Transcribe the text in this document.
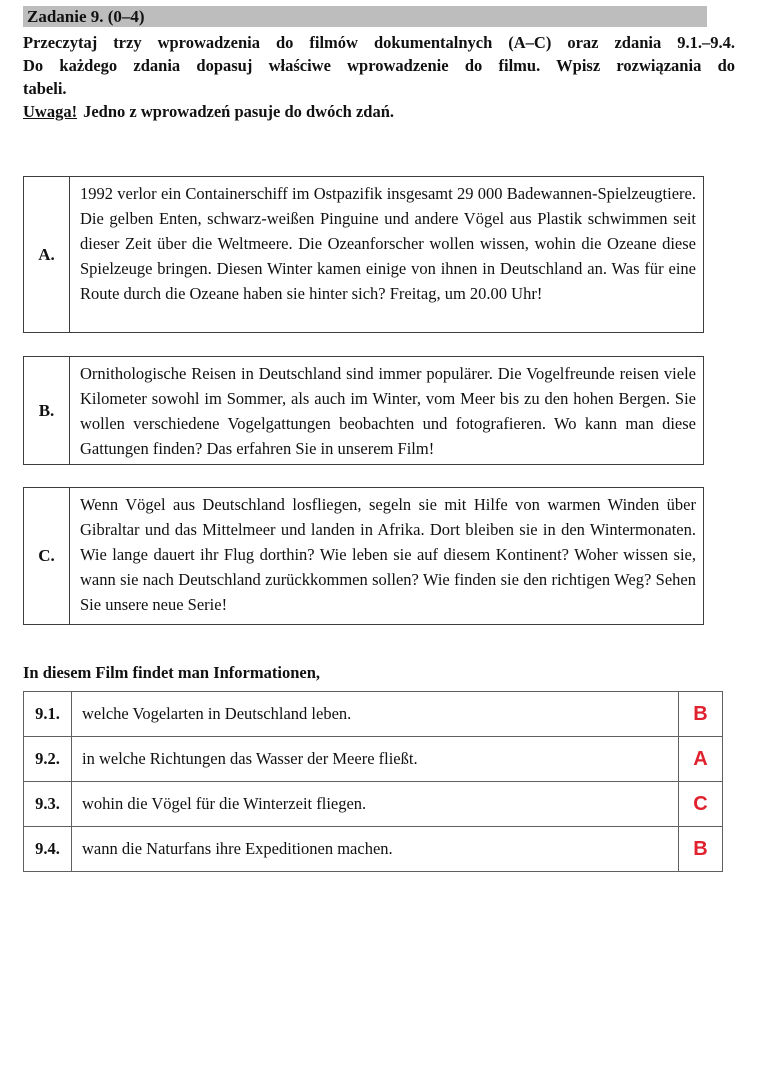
Zadanie 9. (0–4)
Przeczytaj trzy wprowadzenia do filmów dokumentalnych (A–C) oraz zdania 9.1.–9.4.
Do każdego zdania dopasuj właściwe wprowadzenie do filmu. Wpisz rozwiązania do
tabeli.
Uwaga! Jedno z wprowadzeń pasuje do dwóch zdań.
A.
1992 verlor ein Containerschiff im Ostpazifik insgesamt 29 000 Badewannen-Spielzeugtiere. Die gelben Enten, schwarz-weißen Pinguine und andere Vögel aus Plastik schwimmen seit dieser Zeit über die Weltmeere. Die Ozeanforscher wollen wissen, wohin die Ozeane diese Spielzeuge bringen. Diesen Winter kamen einige von ihnen in Deutschland an. Was für eine Route durch die Ozeane haben sie hinter sich? Freitag, um 20.00 Uhr!
B.
Ornithologische Reisen in Deutschland sind immer populärer. Die Vogelfreunde reisen viele Kilometer sowohl im Sommer, als auch im Winter, vom Meer bis zu den hohen Bergen. Sie wollen verschiedene Vogelgattungen beobachten und fotografieren. Wo kann man diese Gattungen finden? Das erfahren Sie in unserem Film!
C.
Wenn Vögel aus Deutschland losfliegen, segeln sie mit Hilfe von warmen Winden über Gibraltar und das Mittelmeer und landen in Afrika. Dort bleiben sie in den Wintermonaten. Wie lange dauert ihr Flug dorthin? Wie leben sie auf diesem Kontinent? Woher wissen sie, wann sie nach Deutschland zurückkommen sollen? Wie finden sie den richtigen Weg? Sehen Sie unsere neue Serie!
In diesem Film findet man Informationen,
9.1.	welche Vogelarten in Deutschland leben.	B
9.2.	in welche Richtungen das Wasser der Meere fließt.	A
9.3.	wohin die Vögel für die Winterzeit fliegen.	C
9.4.	wann die Naturfans ihre Expeditionen machen.	B
